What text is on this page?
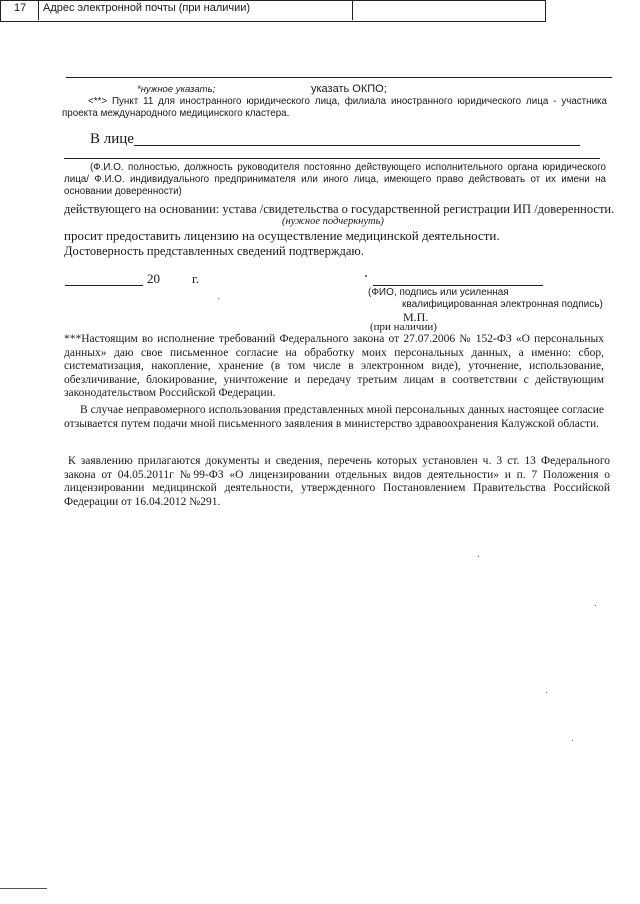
17 Адрес электронной почты (при наличии)
*нужное указать;	указать ОКПО;
<**> Пункт 11 для иностранного юридического лица, филиала иностранного юридического лица - участника проекта международного медицинского кластера.
В лице
(Ф.И.О. полностью, должность руководителя постоянно действующего исполнительного органа юридического лица/ Ф.И.О. индивидуального предпринимателя или иного лица, имеющего право действовать от их имени на основании доверенности)
действующего на основании: устава /свидетельства о государственной регистрации ИП /доверенности.
(нужное подчеркнуть)
просит предоставить лицензию на осуществление медицинской деятельности.
Достоверность представленных сведений подтверждаю.
20 г.
(ФИО, подпись или усиленная
квалифицированная электронная подпись)
М.П.
(при наличии)
***Настоящим во исполнение требований Федерального закона от 27.07.2006 № 152-ФЗ «О персональных данных» даю свое письменное согласие на обработку моих персональных данных, а именно: сбор, систематизация, накопление, хранение (в том числе в электронном виде), уточнение, использование, обезличивание, блокирование, уничтожение и передачу третьим лицам в соответствии с действующим законодательством Российской Федерации.
В случае неправомерного использования представленных мной персональных данных настоящее согласие отзывается путем подачи мной письменного заявления в министерство здравоохранения Калужской области.
К заявлению прилагаются документы и сведения, перечень которых установлен ч. 3 ст. 13 Федерального закона от 04.05.2011г №99-ФЗ «О лицензировании отдельных видов деятельности» и п. 7 Положения о лицензировании медицинской деятельности, утвержденного Постановлением Правительства Российской Федерации от 16.04.2012 №291.
